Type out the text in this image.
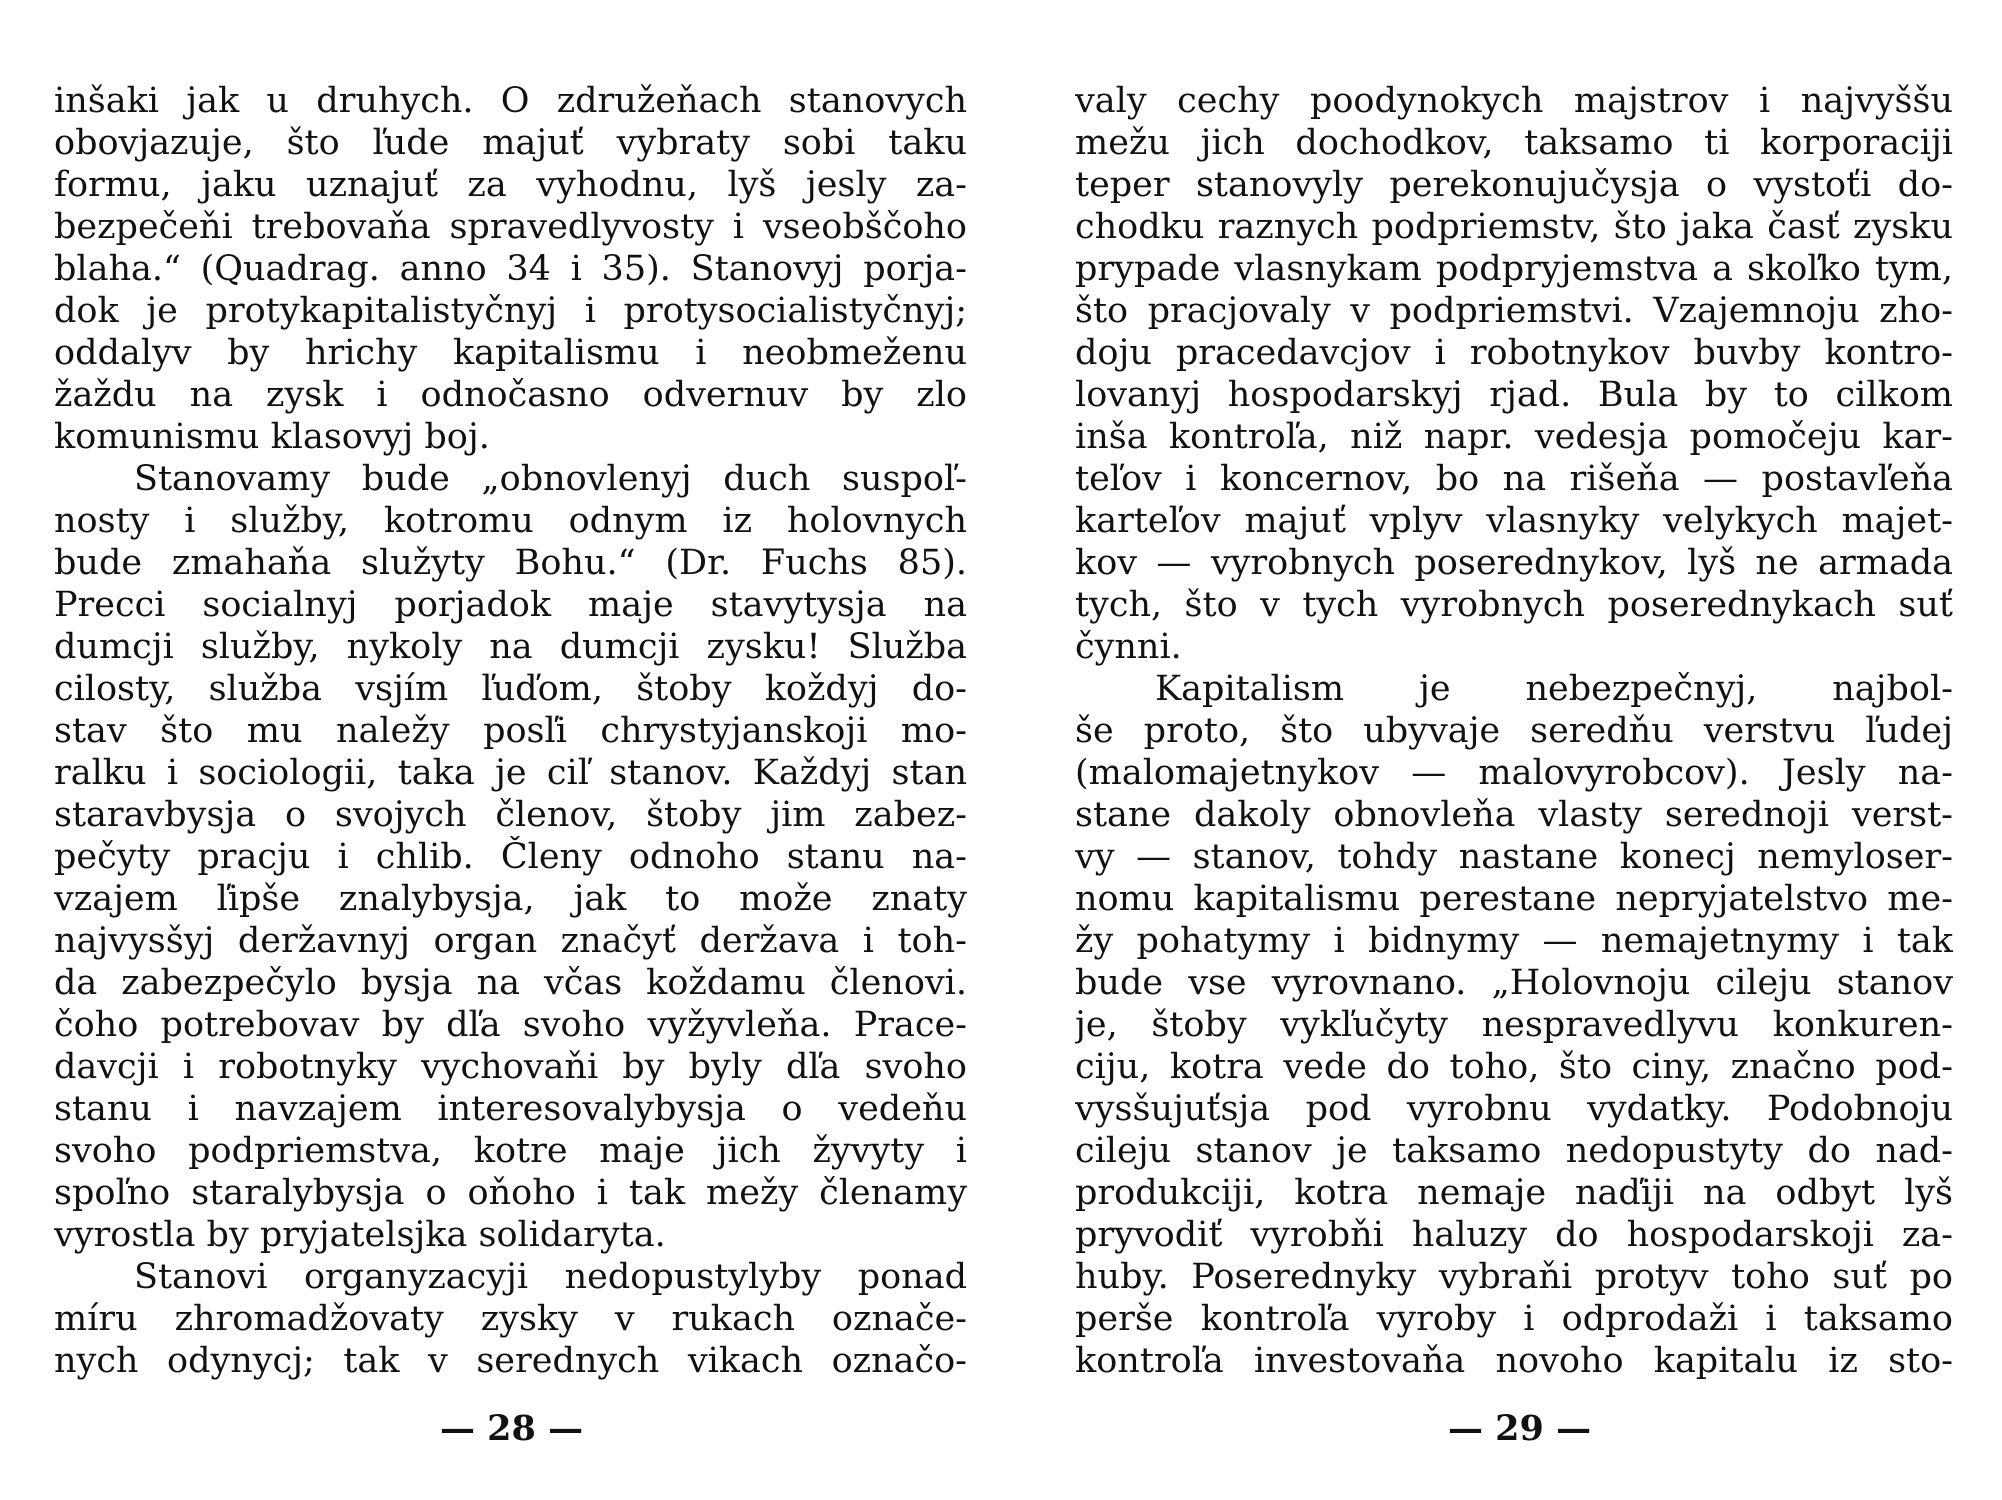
inšaki jak u druhych. O združeňach stanovych
obovjazuje, što ľude majuť vybraty sobi taku
formu, jaku uznajuť za vyhodnu, lyš jesly za-
bezpečeňi trebovaňa spravedlyvosty i vseobščoho
blaha.“ (Quadrag. anno 34 i 35). Stanovyj porja-
dok je protykapitalistyčnyj i protysocialistyčnyj;
oddalyv by hrichy kapitalismu i neobmeženu
žaždu na zysk i odnočasno odvernuv by zlo
komunismu klasovyj boj.
Stanovamy bude „obnovlenyj duch suspoľ-
nosty i služby, kotromu odnym iz holovnych
bude zmahaňa služyty Bohu.“ (Dr. Fuchs 85).
Precci socialnyj porjadok maje stavytysja na
dumcji služby, nykoly na dumcji zysku! Služba
cilosty, služba vsjím ľuďom, štoby koždyj do-
stav što mu naležy posľi chrystyjanskoji mo-
ralku i sociologii, taka je ciľ stanov. Každyj stan
staravbysja o svojych členov, štoby jim zabez-
pečyty pracju i chlib. Členy odnoho stanu na-
vzajem ľipše znalybysja, jak to može znaty
najvysšyj deržavnyj organ značyť deržava i toh-
da zabezpečylo bysja na včas koždamu členovi.
čoho potrebovav by dľa svoho vyžyvleňa. Prace-
davcji i robotnyky vychovaňi by byly dľa svoho
stanu i navzajem interesovalybysja o vedeňu
svoho podpriemstva, kotre maje jich žyvyty i
spoľno staralybysja o oňoho i tak mežy členamy
vyrostla by pryjatelsjka solidaryta.
Stanovi organyzacyji nedopustylyby ponad
míru zhromadžovaty zysky v rukach označe-
nych odynycj; tak v serednych vikach označo-
— 28 —
valy cechy poodynokych majstrov i najvyššu
mežu jich dochodkov, taksamo ti korporaciji
teper stanovyly perekonujučysja o vystoťi do-
chodku raznych podpriemstv, što jaka časť zysku
prypade vlasnykam podpryjemstva a skoľko tym,
što pracjovaly v podpriemstvi. Vzajemnoju zho-
doju pracedavcjov i robotnykov buvby kontro-
lovanyj hospodarskyj rjad. Bula by to cilkom
inša kontroľa, niž napr. vedesja pomočeju kar-
teľov i koncernov, bo na rišeňa — postavľeňa
karteľov majuť vplyv vlasnyky velykych majet-
kov — vyrobnych poserednykov, lyš ne armada
tych, što v tych vyrobnych poserednykach suť
čynni.
Kapitalism je nebezpečnyj, najbol-
še proto, što ubyvaje seredňu verstvu ľudej
(malomajetnykov — malovyrobcov). Jesly na-
stane dakoly obnovleňa vlasty serednoji verst-
vy — stanov, tohdy nastane konecj nemyloser-
nomu kapitalismu perestane nepryjatelstvo me-
žy pohatymy i bidnymy — nemajetnymy i tak
bude vse vyrovnano. „Holovnoju cileju stanov
je, štoby vykľučyty nespravedlyvu konkuren-
ciju, kotra vede do toho, što ciny, značno pod-
vysšujuťsja pod vyrobnu vydatky. Podobnoju
cileju stanov je taksamo nedopustyty do nad-
produkciji, kotra nemaje naďiji na odbyt lyš
pryvodiť vyrobňi haluzy do hospodarskoji za-
huby. Poserednyky vybraňi protyv toho suť po
perše kontroľa vyroby i odprodaži i taksamo
kontroľa investovaňa novoho kapitalu iz sto-
— 29 —
